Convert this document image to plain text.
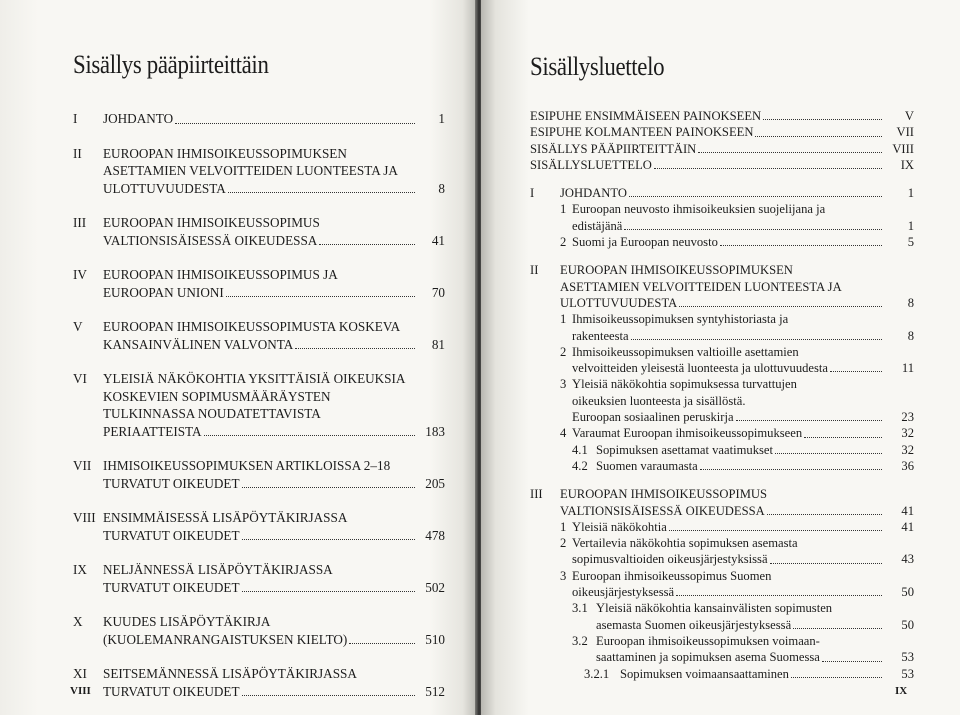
Sisällys pääpiirteittäin
I JOHDANTO	1
II EUROOPAN IHMISOIKEUSSOPIMUKSEN
ASETTAMIEN VELVOITTEIDEN LUONTEESTA JA
ULOTTUVUUDESTA	8
III EUROOPAN IHMISOIKEUSSOPIMUS
VALTIONSISÄISESSÄ OIKEUDESSA	41
IV EUROOPAN IHMISOIKEUSSOPIMUS JA
EUROOPAN UNIONI	70
V EUROOPAN IHMISOIKEUSSOPIMUSTA KOSKEVA
KANSAINVÄLINEN VALVONTA	81
VI YLEISIÄ NÄKÖKOHTIA YKSITTÄISIÄ OIKEUKSIA
KOSKEVIEN SOPIMUSMÄÄRÄYSTEN
TULKINNASSA NOUDATETTAVISTA
PERIAATTEISTA	183
VII IHMISOIKEUSSOPIMUKSEN ARTIKLOISSA 2–18
TURVATUT OIKEUDET	205
VIII ENSIMMÄISESSÄ LISÄPÖYTÄKIRJASSA
TURVATUT OIKEUDET	478
IX NELJÄNNESSÄ LISÄPÖYTÄKIRJASSA
TURVATUT OIKEUDET	502
X KUUDES LISÄPÖYTÄKIRJA
(KUOLEMANRANGAISTUKSEN KIELTO)	510
XI SEITSEMÄNNESSÄ LISÄPÖYTÄKIRJASSA
TURVATUT OIKEUDET	512
VIII
Sisällysluettelo
ESIPUHE ENSIMMÄISEEN PAINOKSEEN	V
ESIPUHE KOLMANTEEN PAINOKSEEN	VII
SISÄLLYS PÄÄPIIRTEITTÄIN	VIII
SISÄLLYSLUETTELO	IX
I JOHDANTO	1
1 Euroopan neuvosto ihmisoikeuksien suojelijana ja
edistäjänä	1
2 Suomi ja Euroopan neuvosto	5
II EUROOPAN IHMISOIKEUSSOPIMUKSEN
ASETTAMIEN VELVOITTEIDEN LUONTEESTA JA
ULOTTUVUUDESTA	8
1 Ihmisoikeussopimuksen syntyhistoriasta ja
rakenteesta	8
2 Ihmisoikeussopimuksen valtioille asettamien
velvoitteiden yleisestä luonteesta ja ulottuvuudesta	11
3 Yleisiä näkökohtia sopimuksessa turvattujen
oikeuksien luonteesta ja sisällöstä.
Euroopan sosiaalinen peruskirja	23
4 Varaumat Euroopan ihmisoikeussopimukseen	32
4.1 Sopimuksen asettamat vaatimukset	32
4.2 Suomen varaumasta	36
III EUROOPAN IHMISOIKEUSSOPIMUS
VALTIONSISÄISESSÄ OIKEUDESSA	41
1 Yleisiä näkökohtia	41
2 Vertailevia näkökohtia sopimuksen asemasta
sopimusvaltioiden oikeusjärjestyksissä	43
3 Euroopan ihmisoikeussopimus Suomen
oikeusjärjestyksessä	50
3.1 Yleisiä näkökohtia kansainvälisten sopimusten
asemasta Suomen oikeusjärjestyksessä	50
3.2 Euroopan ihmisoikeussopimuksen voimaan-
saattaminen ja sopimuksen asema Suomessa	53
3.2.1 Sopimuksen voimaansaattaminen	53
IX
